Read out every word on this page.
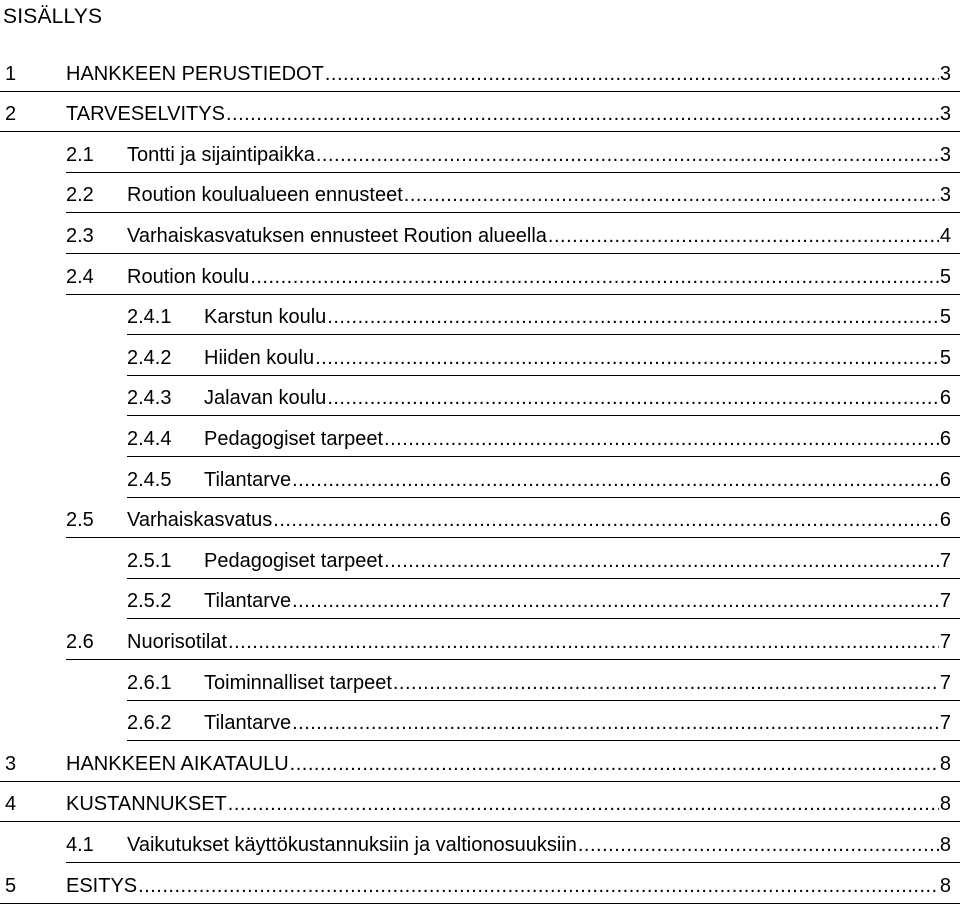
SISÄLLYS
1 HANKKEEN PERUSTIEDOT .....	3
2 TARVESELVITYS .....	3
2.1 Tontti ja sijaintipaikka .....	3
2.2 Roution koulualueen ennusteet .....	3
2.3 Varhaiskasvatuksen ennusteet Roution alueella .....	4
2.4 Roution koulu .....	5
2.4.1 Karstun koulu .....	5
2.4.2 Hiiden koulu .....	5
2.4.3 Jalavan koulu .....	6
2.4.4 Pedagogiset tarpeet .....	6
2.4.5 Tilantarve .....	6
2.5 Varhaiskasvatus .....	6
2.5.1 Pedagogiset tarpeet .....	7
2.5.2 Tilantarve .....	7
2.6 Nuorisotilat .....	7
2.6.1 Toiminnalliset tarpeet .....	7
2.6.2 Tilantarve .....	7
3 HANKKEEN AIKATAULU .....	8
4 KUSTANNUKSET .....	8
4.1 Vaikutukset käyttökustannuksiin ja valtionosuuksiin .....	8
5 ESITYS .....	8
